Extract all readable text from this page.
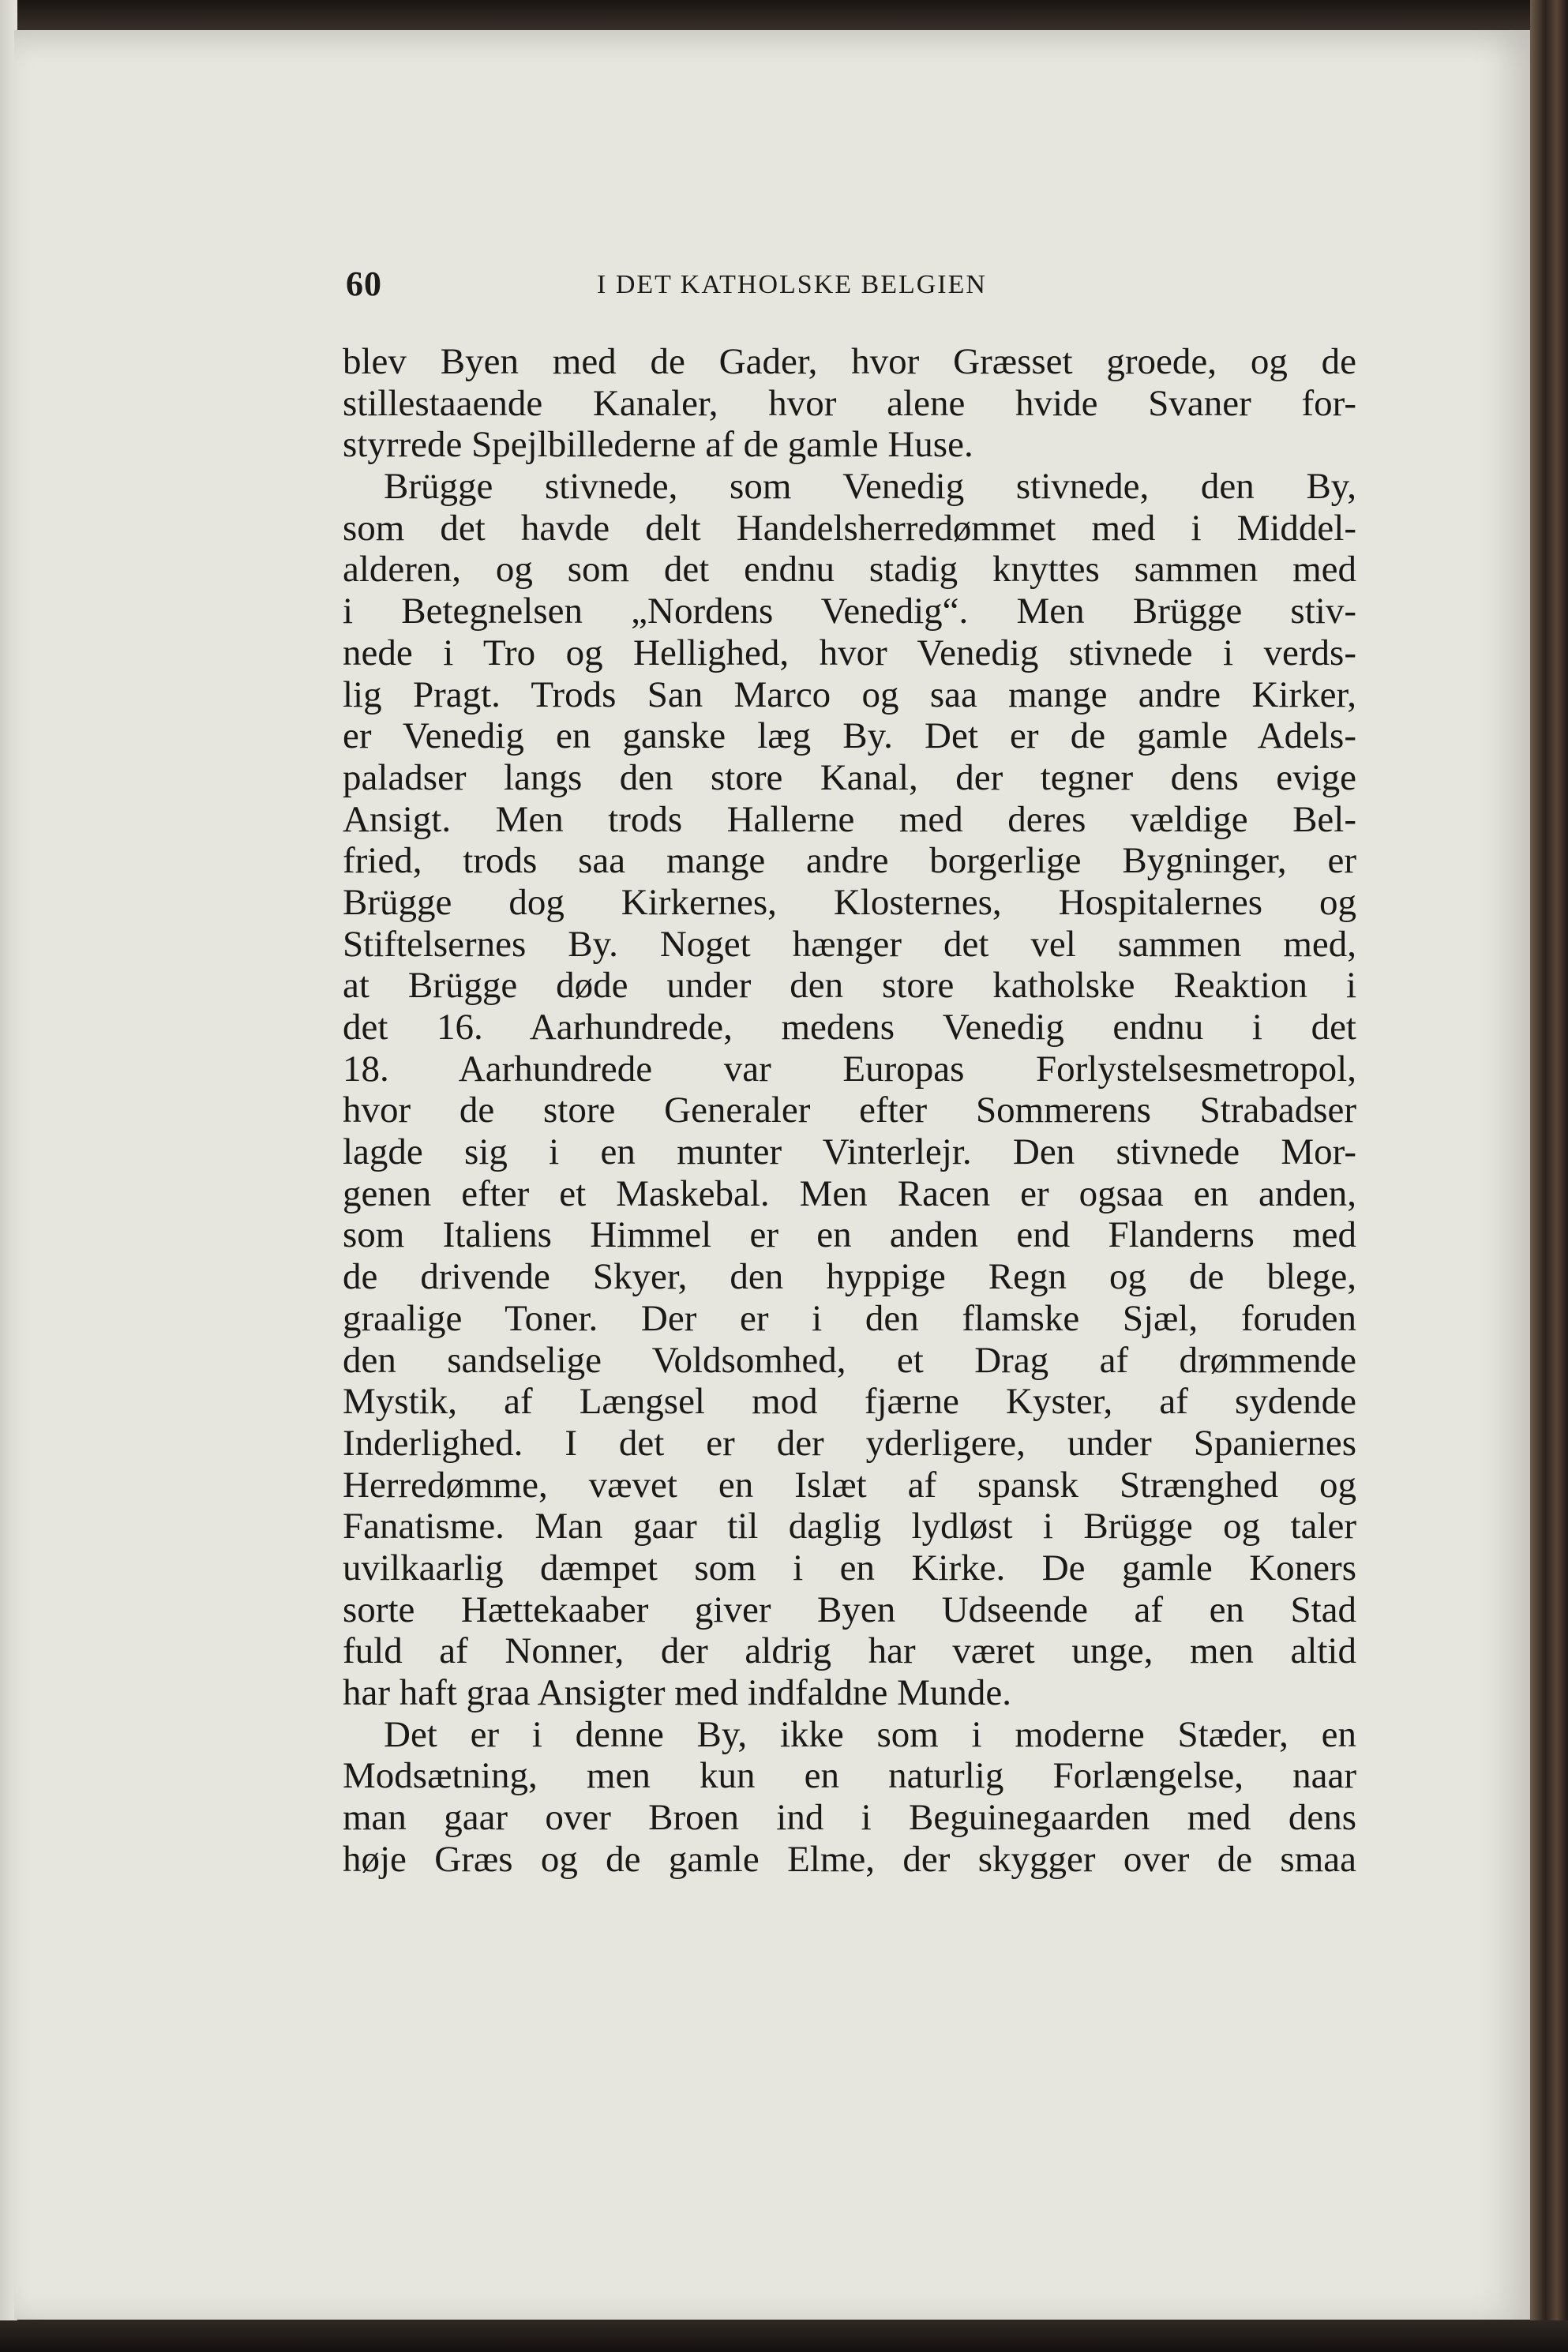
60	I DET KATHOLSKE BELGIEN
blev Byen med de Gader, hvor Græsset groede, og de
stillestaaende Kanaler, hvor alene hvide Svaner for-
styrrede Spejlbillederne af de gamle Huse.
Brügge stivnede, som Venedig stivnede, den By,
som det havde delt Handelsherredømmet med i Middel-
alderen, og som det endnu stadig knyttes sammen med
i Betegnelsen „Nordens Venedig“. Men Brügge stiv-
nede i Tro og Hellighed, hvor Venedig stivnede i verds-
lig Pragt. Trods San Marco og saa mange andre Kirker,
er Venedig en ganske læg By. Det er de gamle Adels-
paladser langs den store Kanal, der tegner dens evige
Ansigt. Men trods Hallerne med deres vældige Bel-
fried, trods saa mange andre borgerlige Bygninger, er
Brügge dog Kirkernes, Klosternes, Hospitalernes og
Stiftelsernes By. Noget hænger det vel sammen med,
at Brügge døde under den store katholske Reaktion i
det 16. Aarhundrede, medens Venedig endnu i det
18. Aarhundrede var Europas Forlystelsesmetropol,
hvor de store Generaler efter Sommerens Strabadser
lagde sig i en munter Vinterlejr. Den stivnede Mor-
genen efter et Maskebal. Men Racen er ogsaa en anden,
som Italiens Himmel er en anden end Flanderns med
de drivende Skyer, den hyppige Regn og de blege,
graalige Toner. Der er i den flamske Sjæl, foruden
den sandselige Voldsomhed, et Drag af drømmende
Mystik, af Længsel mod fjærne Kyster, af sydende
Inderlighed. I det er der yderligere, under Spaniernes
Herredømme, vævet en Islæt af spansk Strænghed og
Fanatisme. Man gaar til daglig lydløst i Brügge og taler
uvilkaarlig dæmpet som i en Kirke. De gamle Koners
sorte Hættekaaber giver Byen Udseende af en Stad
fuld af Nonner, der aldrig har været unge, men altid
har haft graa Ansigter med indfaldne Munde.
Det er i denne By, ikke som i moderne Stæder, en
Modsætning, men kun en naturlig Forlængelse, naar
man gaar over Broen ind i Beguinegaarden med dens
høje Græs og de gamle Elme, der skygger over de smaa
